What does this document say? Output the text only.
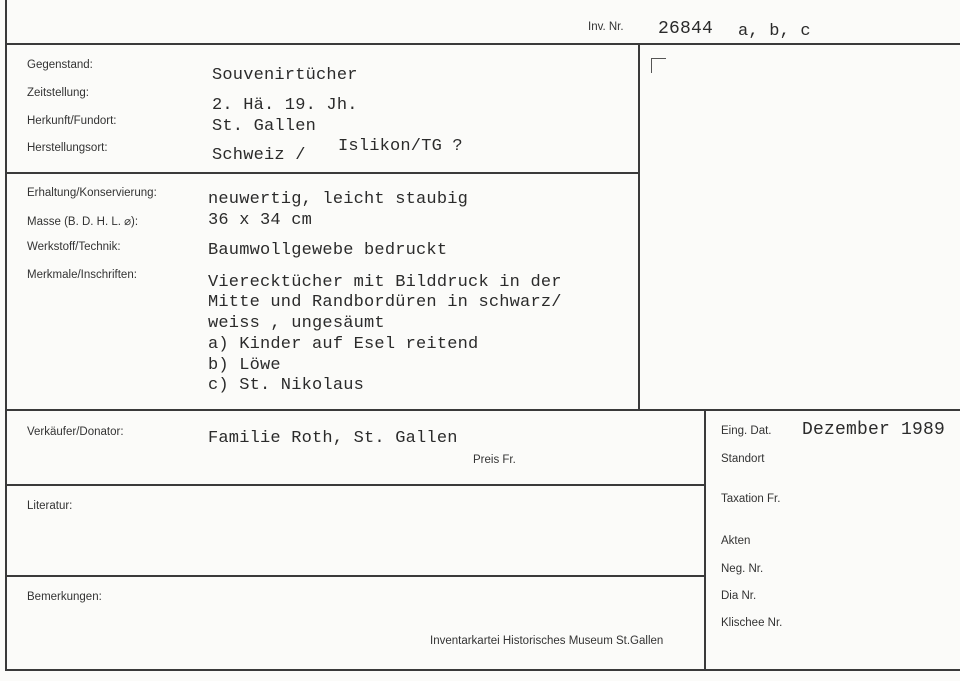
Inv. Nr. 26844 a, b, c
Gegenstand:
Zeitstellung:
Herkunft/Fundort:
Herstellungsort:
Souvenirtücher
2. Hä. 19. Jh.
St. Gallen
Schweiz / Islikon/TG ?
Erhaltung/Konservierung:
Masse (B. D. H. L. ⌀):
Werkstoff/Technik:
Merkmale/Inschriften:
neuwertig, leicht staubig
36 x 34 cm
Baumwollgewebe bedruckt
Vierecktücher mit Bilddruck in der
Mitte und Randbordüren in schwarz/
weiss , ungesäumt
a) Kinder auf Esel reitend
b) Löwe
c) St. Nikolaus
Verkäufer/Donator:	Familie Roth, St. Gallen
Preis Fr.
Literatur:
Bemerkungen:
Inventarkartei Historisches Museum St.Gallen
Eing. Dat. Dezember 1989
Standort
Taxation Fr.
Akten
Neg. Nr.
Dia Nr.
Klischee Nr.
